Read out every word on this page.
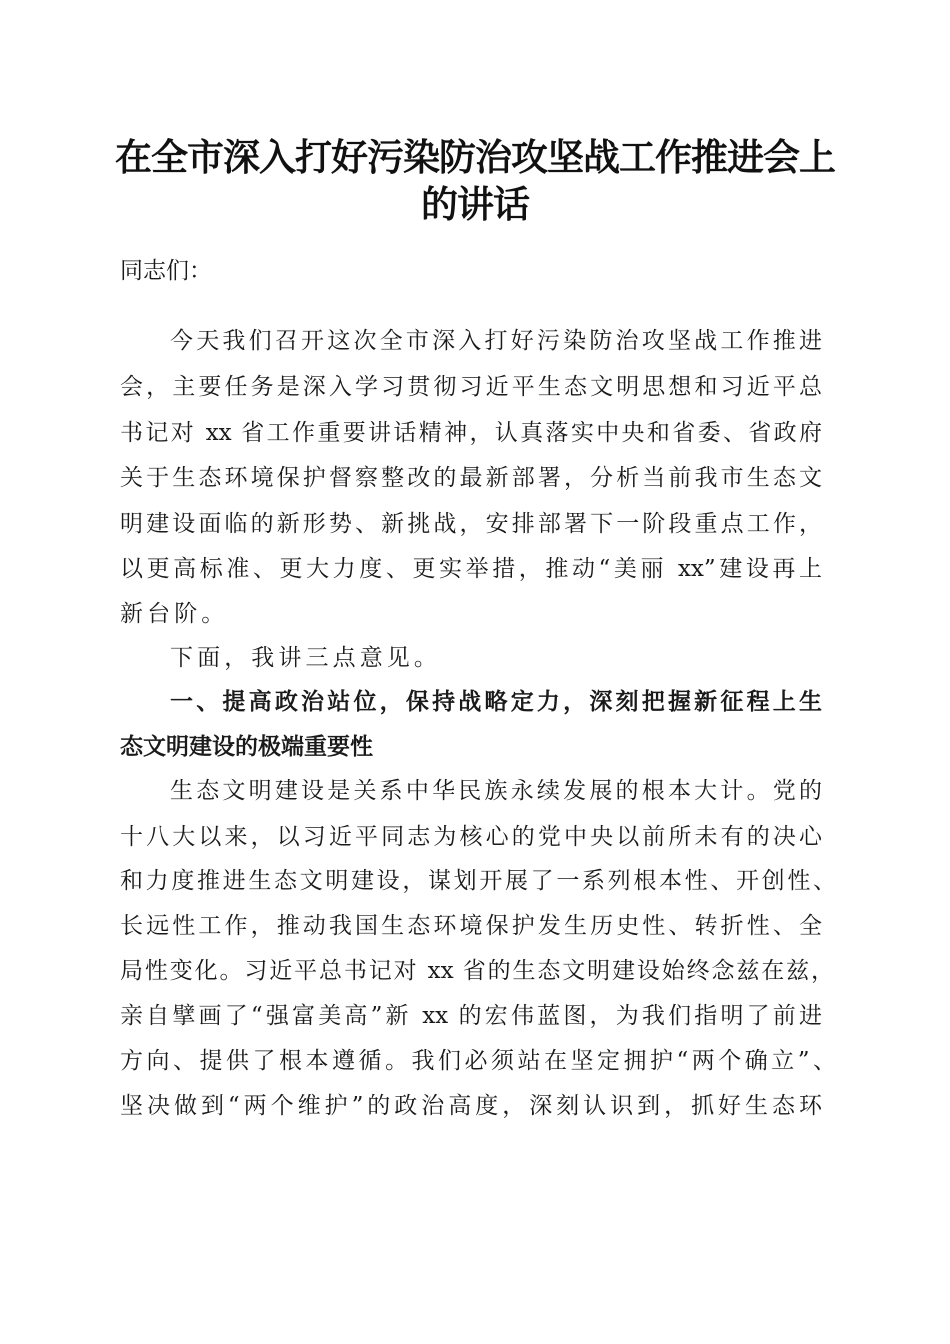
在全市深入打好污染防治攻坚战工作推进会上
的讲话
同志们：
今天我们召开这次全市深入打好污染防治攻坚战工作推进
会，主要任务是深入学习贯彻习近平生态文明思想和习近平总
书记对 xx 省工作重要讲话精神，认真落实中央和省委、省政府
关于生态环境保护督察整改的最新部署，分析当前我市生态文
明建设面临的新形势、新挑战，安排部署下一阶段重点工作，
以更高标准、更大力度、更实举措，推动“美丽 xx”建设再上
新台阶。
下面，我讲三点意见。
一、提高政治站位，保持战略定力，深刻把握新征程上生
态文明建设的极端重要性
生态文明建设是关系中华民族永续发展的根本大计。党的
十八大以来，以习近平同志为核心的党中央以前所未有的决心
和力度推进生态文明建设，谋划开展了一系列根本性、开创性、
长远性工作，推动我国生态环境保护发生历史性、转折性、全
局性变化。习近平总书记对 xx 省的生态文明建设始终念兹在兹，
亲自擘画了“强富美高”新 xx 的宏伟蓝图，为我们指明了前进
方向、提供了根本遵循。我们必须站在坚定拥护“两个确立”、
坚决做到“两个维护”的政治高度，深刻认识到，抓好生态环
